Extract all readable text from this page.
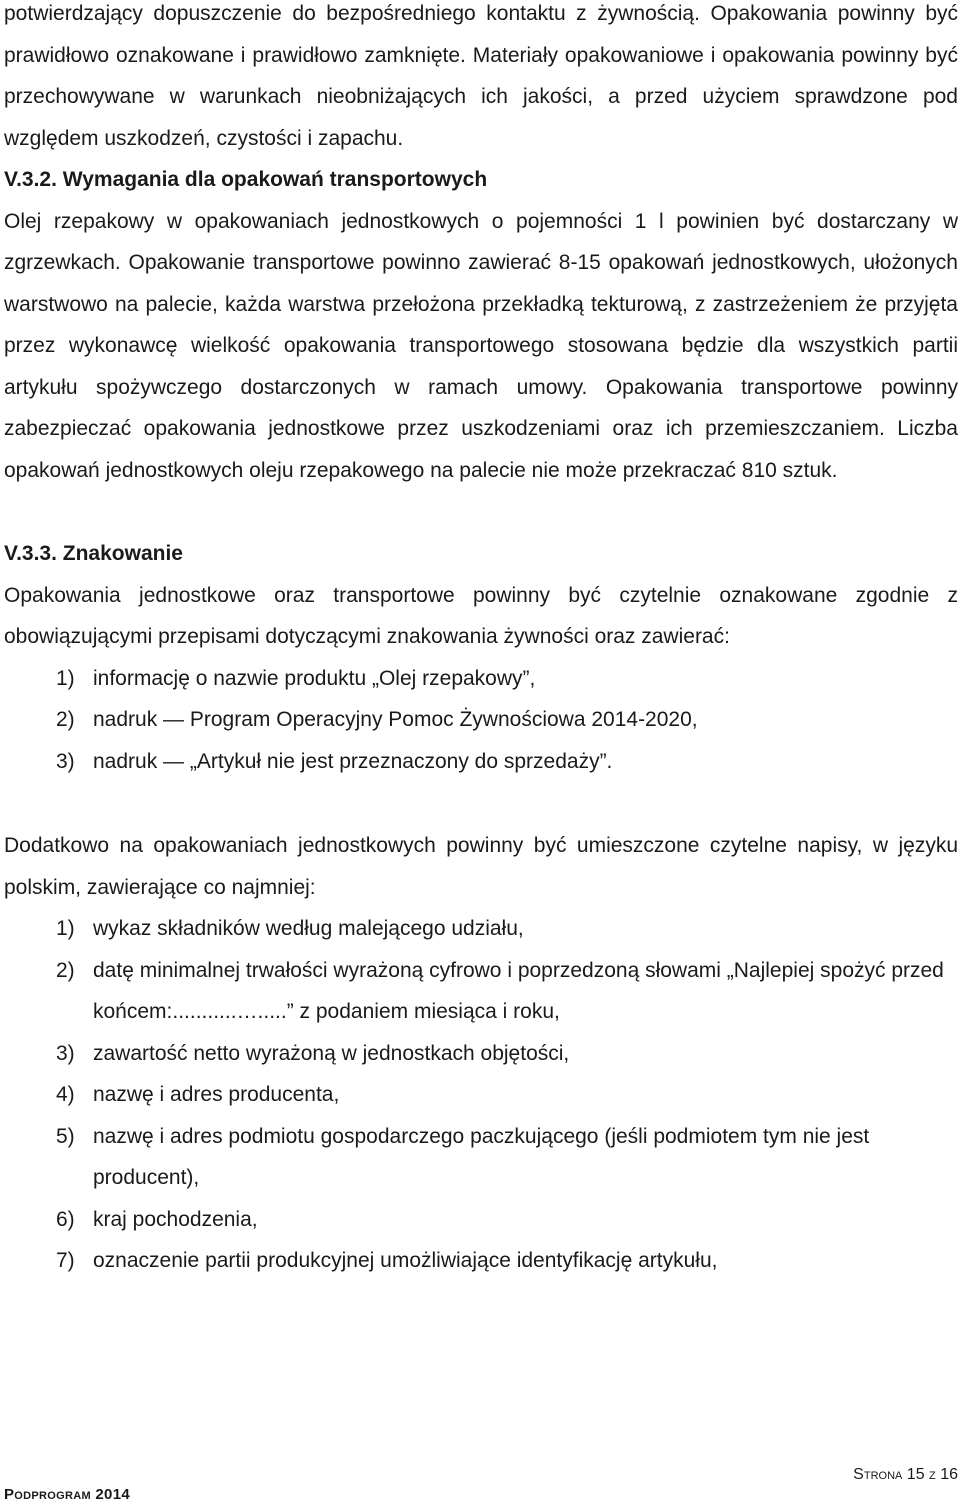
potwierdzający dopuszczenie do bezpośredniego kontaktu z żywnością. Opakowania powinny być prawidłowo oznakowane i prawidłowo zamknięte. Materiały opakowaniowe i opakowania powinny być przechowywane w warunkach nieobniżających ich jakości, a przed użyciem sprawdzone pod względem uszkodzeń, czystości i zapachu.

V.3.2. Wymagania dla opakowań transportowych

Olej rzepakowy w opakowaniach jednostkowych o pojemności 1 l powinien być dostarczany w zgrzewkach. Opakowanie transportowe powinno zawierać 8-15 opakowań jednostkowych, ułożonych warstwowo na palecie, każda warstwa przełożona przekładką tekturową, z zastrzeżeniem że przyjęta przez wykonawcę wielkość opakowania transportowego stosowana będzie dla wszystkich partii artykułu spożywczego dostarczonych w ramach umowy. Opakowania transportowe powinny zabezpieczać opakowania jednostkowe przez uszkodzeniami oraz ich przemieszczaniem. Liczba opakowań jednostkowych oleju rzepakowego na palecie nie może przekraczać 810 sztuk.

V.3.3. Znakowanie

Opakowania jednostkowe oraz transportowe powinny być czytelnie oznakowane zgodnie z obowiązującymi przepisami dotyczącymi znakowania żywności oraz zawierać:

1) informację o nazwie produktu „Olej rzepakowy”,
2) nadruk — Program Operacyjny Pomoc Żywnościowa 2014-2020,
3) nadruk — „Artykuł nie jest przeznaczony do sprzedaży”.

Dodatkowo na opakowaniach jednostkowych powinny być umieszczone czytelne napisy, w języku polskim, zawierające co najmniej:

1) wykaz składników według malejącego udziału,
2) datę minimalnej trwałości wyrażoną cyfrowo i poprzedzoną słowami „Najlepiej spożyć przed końcem:...........….....” z podaniem miesiąca i roku,
3) zawartość netto wyrażoną w jednostkach objętości,
4) nazwę i adres producenta,
5) nazwę i adres podmiotu gospodarczego paczkującego (jeśli podmiotem tym nie jest producent),
6) kraj pochodzenia,
7) oznaczenie partii produkcyjnej umożliwiające identyfikację artykułu,
Strona 15 z 16
Podprogram 2014
